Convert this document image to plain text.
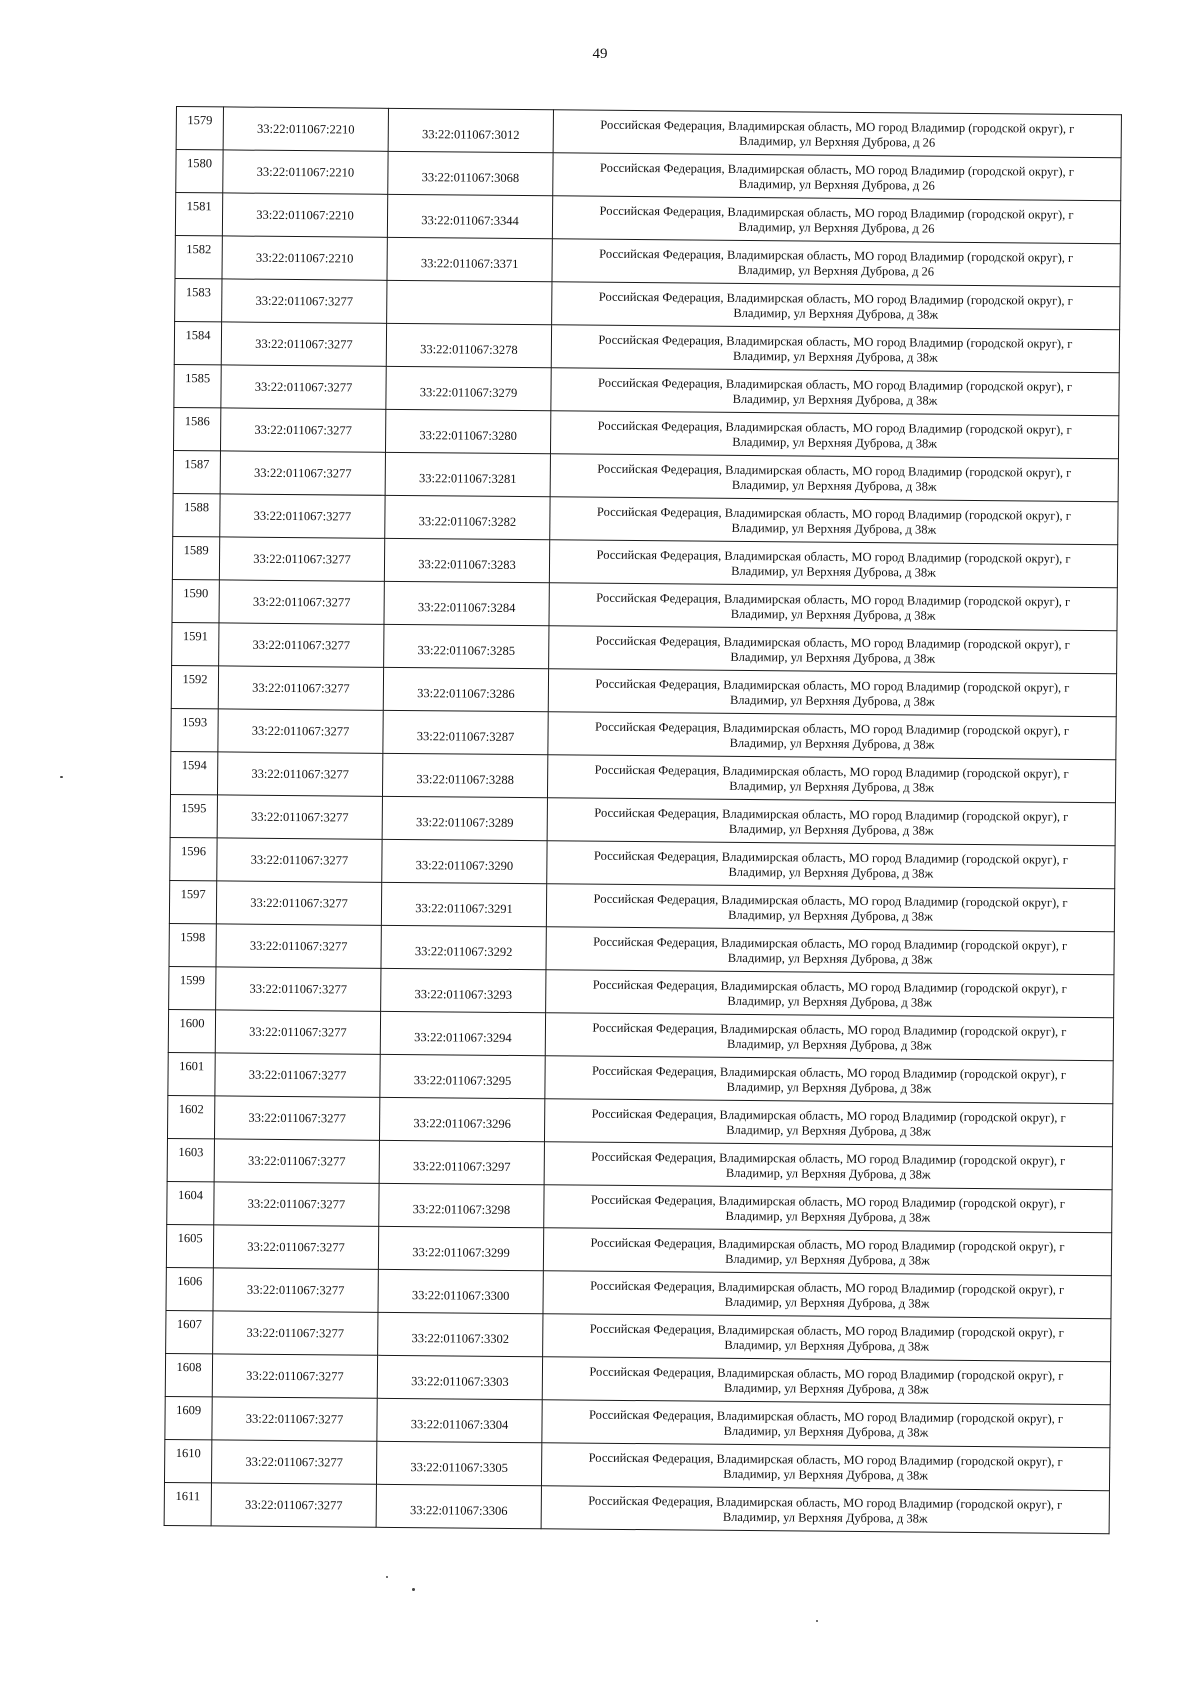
49
1579	33:22:011067:2210	33:22:011067:3012	Российская Федерация, Владимирская область, МО город Владимир (городской округ), г
Владимир, ул Верхняя Дуброва, д 26

1580	33:22:011067:2210	33:22:011067:3068	Российская Федерация, Владимирская область, МО город Владимир (городской округ), г
Владимир, ул Верхняя Дуброва, д 26

1581	33:22:011067:2210	33:22:011067:3344	Российская Федерация, Владимирская область, МО город Владимир (городской округ), г
Владимир, ул Верхняя Дуброва, д 26

1582	33:22:011067:2210	33:22:011067:3371	Российская Федерация, Владимирская область, МО город Владимир (городской округ), г
Владимир, ул Верхняя Дуброва, д 26

1583	33:22:011067:3277		Российская Федерация, Владимирская область, МО город Владимир (городской округ), г
Владимир, ул Верхняя Дуброва, д 38ж

1584	33:22:011067:3277	33:22:011067:3278	Российская Федерация, Владимирская область, МО город Владимир (городской округ), г
Владимир, ул Верхняя Дуброва, д 38ж

1585	33:22:011067:3277	33:22:011067:3279	Российская Федерация, Владимирская область, МО город Владимир (городской округ), г
Владимир, ул Верхняя Дуброва, д 38ж

1586	33:22:011067:3277	33:22:011067:3280	Российская Федерация, Владимирская область, МО город Владимир (городской округ), г
Владимир, ул Верхняя Дуброва, д 38ж

1587	33:22:011067:3277	33:22:011067:3281	Российская Федерация, Владимирская область, МО город Владимир (городской округ), г
Владимир, ул Верхняя Дуброва, д 38ж

1588	33:22:011067:3277	33:22:011067:3282	Российская Федерация, Владимирская область, МО город Владимир (городской округ), г
Владимир, ул Верхняя Дуброва, д 38ж

1589	33:22:011067:3277	33:22:011067:3283	Российская Федерация, Владимирская область, МО город Владимир (городской округ), г
Владимир, ул Верхняя Дуброва, д 38ж

1590	33:22:011067:3277	33:22:011067:3284	Российская Федерация, Владимирская область, МО город Владимир (городской округ), г
Владимир, ул Верхняя Дуброва, д 38ж

1591	33:22:011067:3277	33:22:011067:3285	Российская Федерация, Владимирская область, МО город Владимир (городской округ), г
Владимир, ул Верхняя Дуброва, д 38ж

1592	33:22:011067:3277	33:22:011067:3286	Российская Федерация, Владимирская область, МО город Владимир (городской округ), г
Владимир, ул Верхняя Дуброва, д 38ж

1593	33:22:011067:3277	33:22:011067:3287	Российская Федерация, Владимирская область, МО город Владимир (городской округ), г
Владимир, ул Верхняя Дуброва, д 38ж

1594	33:22:011067:3277	33:22:011067:3288	Российская Федерация, Владимирская область, МО город Владимир (городской округ), г
Владимир, ул Верхняя Дуброва, д 38ж

1595	33:22:011067:3277	33:22:011067:3289	Российская Федерация, Владимирская область, МО город Владимир (городской округ), г
Владимир, ул Верхняя Дуброва, д 38ж

1596	33:22:011067:3277	33:22:011067:3290	Российская Федерация, Владимирская область, МО город Владимир (городской округ), г
Владимир, ул Верхняя Дуброва, д 38ж

1597	33:22:011067:3277	33:22:011067:3291	Российская Федерация, Владимирская область, МО город Владимир (городской округ), г
Владимир, ул Верхняя Дуброва, д 38ж

1598	33:22:011067:3277	33:22:011067:3292	Российская Федерация, Владимирская область, МО город Владимир (городской округ), г
Владимир, ул Верхняя Дуброва, д 38ж

1599	33:22:011067:3277	33:22:011067:3293	Российская Федерация, Владимирская область, МО город Владимир (городской округ), г
Владимир, ул Верхняя Дуброва, д 38ж

1600	33:22:011067:3277	33:22:011067:3294	Российская Федерация, Владимирская область, МО город Владимир (городской округ), г
Владимир, ул Верхняя Дуброва, д 38ж

1601	33:22:011067:3277	33:22:011067:3295	Российская Федерация, Владимирская область, МО город Владимир (городской округ), г
Владимир, ул Верхняя Дуброва, д 38ж

1602	33:22:011067:3277	33:22:011067:3296	Российская Федерация, Владимирская область, МО город Владимир (городской округ), г
Владимир, ул Верхняя Дуброва, д 38ж

1603	33:22:011067:3277	33:22:011067:3297	Российская Федерация, Владимирская область, МО город Владимир (городской округ), г
Владимир, ул Верхняя Дуброва, д 38ж

1604	33:22:011067:3277	33:22:011067:3298	Российская Федерация, Владимирская область, МО город Владимир (городской округ), г
Владимир, ул Верхняя Дуброва, д 38ж

1605	33:22:011067:3277	33:22:011067:3299	Российская Федерация, Владимирская область, МО город Владимир (городской округ), г
Владимир, ул Верхняя Дуброва, д 38ж

1606	33:22:011067:3277	33:22:011067:3300	Российская Федерация, Владимирская область, МО город Владимир (городской округ), г
Владимир, ул Верхняя Дуброва, д 38ж

1607	33:22:011067:3277	33:22:011067:3302	Российская Федерация, Владимирская область, МО город Владимир (городской округ), г
Владимир, ул Верхняя Дуброва, д 38ж

1608	33:22:011067:3277	33:22:011067:3303	Российская Федерация, Владимирская область, МО город Владимир (городской округ), г
Владимир, ул Верхняя Дуброва, д 38ж

1609	33:22:011067:3277	33:22:011067:3304	Российская Федерация, Владимирская область, МО город Владимир (городской округ), г
Владимир, ул Верхняя Дуброва, д 38ж

1610	33:22:011067:3277	33:22:011067:3305	Российская Федерация, Владимирская область, МО город Владимир (городской округ), г
Владимир, ул Верхняя Дуброва, д 38ж

1611	33:22:011067:3277	33:22:011067:3306	Российская Федерация, Владимирская область, МО город Владимир (городской округ), г
Владимир, ул Верхняя Дуброва, д 38ж
